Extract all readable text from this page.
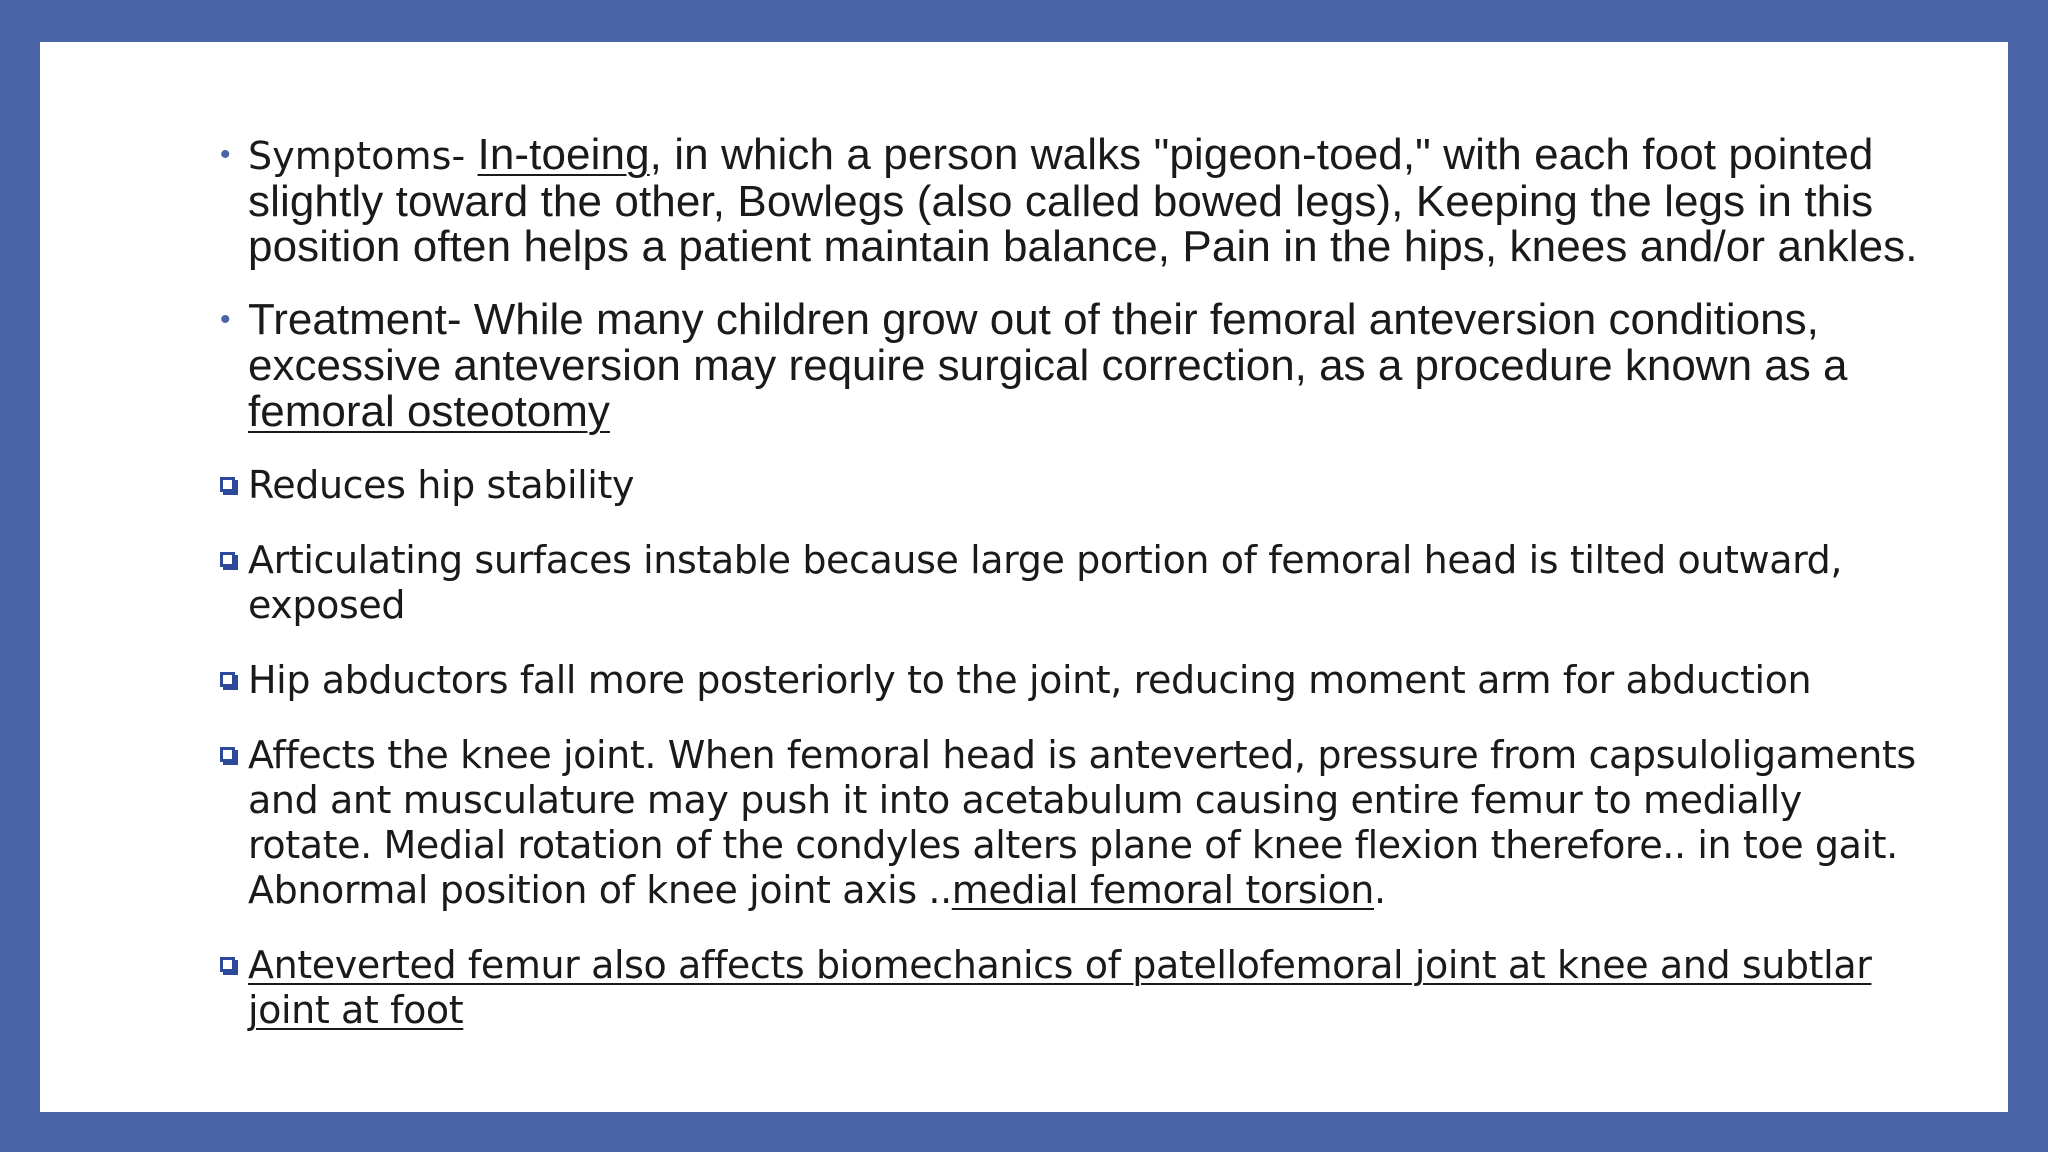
• Symptoms- In-toeing, in which a person walks "pigeon-toed," with each foot pointed slightly toward the other, Bowlegs (also called bowed legs), Keeping the legs in this position often helps a patient maintain balance, Pain in the hips, knees and/or ankles.
• Treatment- While many children grow out of their femoral anteversion conditions, excessive anteversion may require surgical correction, as a procedure known as a femoral osteotomy
Reduces hip stability
Articulating surfaces instable because large portion of femoral head is tilted outward, exposed
Hip abductors fall more posteriorly to the joint, reducing moment arm for abduction
Affects the knee joint. When femoral head is anteverted, pressure from capsuloligaments and ant musculature may push it into acetabulum causing entire femur to medially rotate. Medial rotation of the condyles alters plane of knee flexion therefore.. in toe gait. Abnormal position of knee joint axis ..medial femoral torsion.
Anteverted femur also affects biomechanics of patellofemoral joint at knee and subtlar joint at foot
